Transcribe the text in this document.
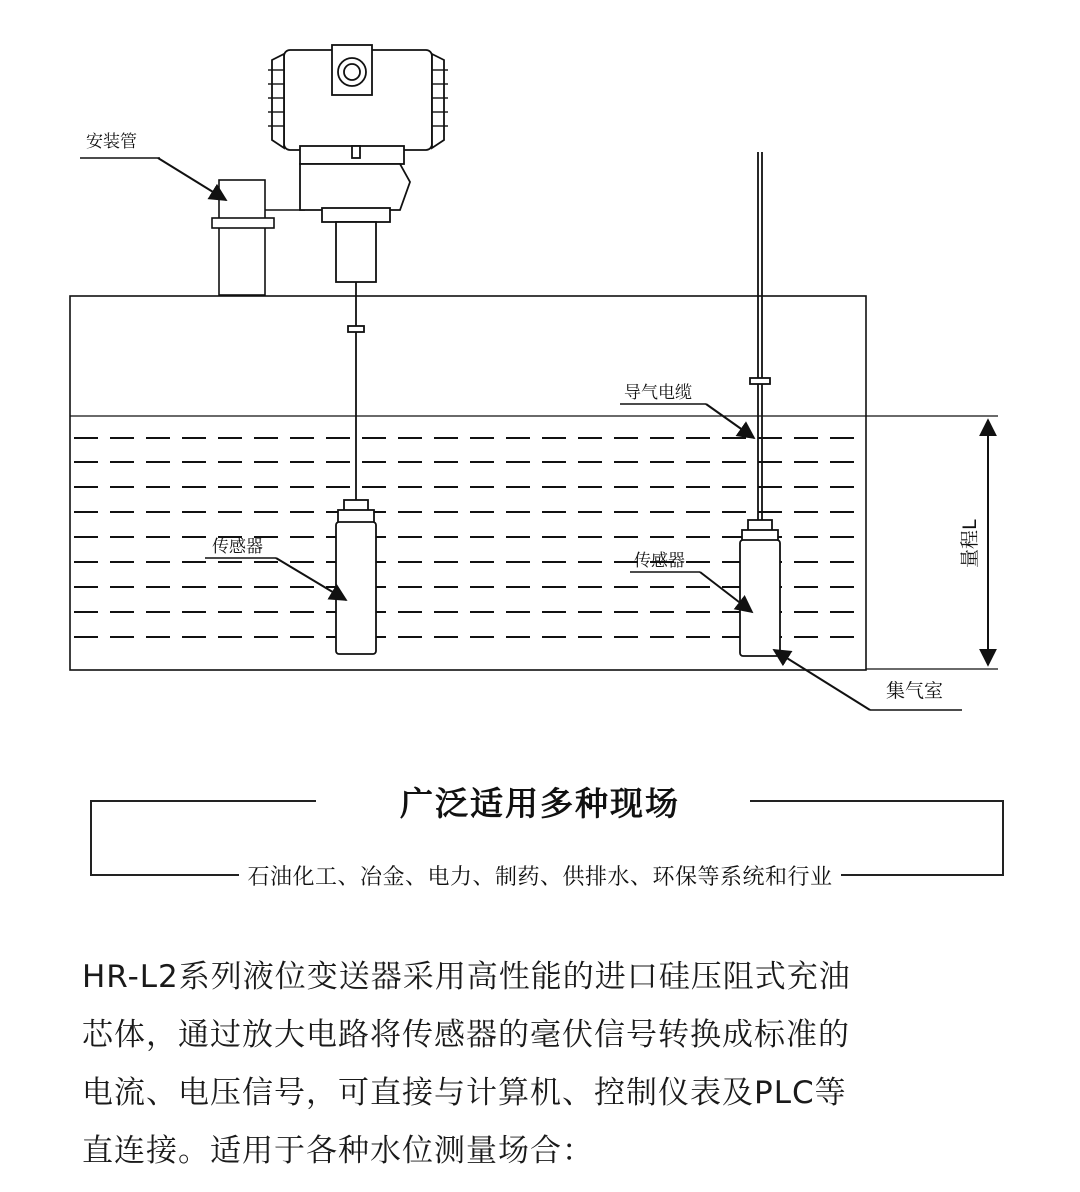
量程L
安装管
传感器
导气电缆
传感器
集气室
广泛适用多种现场
石油化工、冶金、电力、制药、供排水、环保等系统和行业

HR-L2系列液位变送器采用高性能的进口硅压阻式充油

芯体，通过放大电路将传感器的毫伏信号转换成标准的

电流、电压信号，可直接与计算机、控制仪表及PLC等

直连接。适用于各种水位测量场合：
